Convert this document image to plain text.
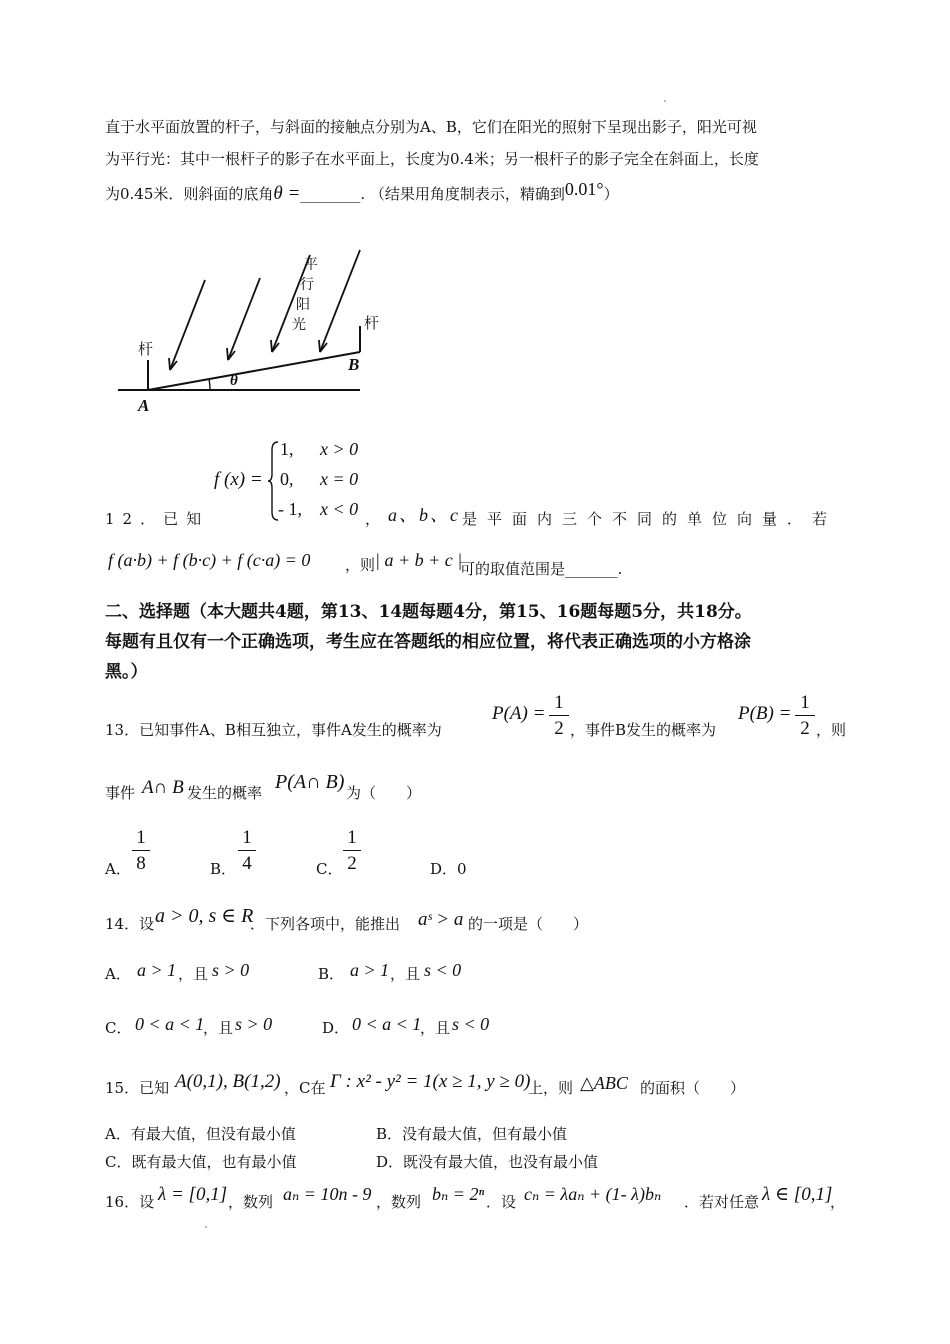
直于水平面放置的杆子，与斜面的接触点分别为A、B，它们在阳光的照射下呈现出影子，阳光可视
为平行光：其中一根杆子的影子在水平面上，长度为0.4米；另一根杆子的影子完全在斜面上，长度
为0.45米．则斜面的底角θ =________. （结果用角度制表示，精确到0.01°）
杆
杆
A
B
θ
平
行
阳
光
f (x) =
1, x > 0
0, x = 0
- 1, x < 0
12．已知	， a、b、c 是平面内三个不同的单位向量．若
f (a·b) + f (b·c) + f (c·a) = 0 ，则 | a + b + c |
可的取值范围是_______.
二、选择题（本大题共4题，第13、14题每题4分，第15、16题每题5分，共18分。
每题有且仅有一个正确选项，考生应在答题纸的相应位置，将代表正确选项的小方格涂
黑。）
13．已知事件A、B相互独立，事件A发生的概率为
P(A) =
1
2 ，事件B发生的概率为
P(B) =
1
2 ，则
事件 A∩ B 发生的概率 P(A∩ B) 为（　　）
A．
1
8	B．
1
4	C．
1
2	D．0
14．设 a > 0, s ∈ R
．下列各项中，能推出 aˢ > a 的一项是（　　）
A． a > 1 ，且 s > 0	B． a > 1 ，且 s < 0
C． 0 < a < 1
，且 s > 0	D． 0 < a < 1
，且 s < 0
15．已知 A(0,1), B(1,2) ，C在 Γ : x² - y² = 1(x ≥ 1, y ≥ 0)
上，则 △ABC 的面积（　　）
A．有最大值，但没有最小值	B．没有最大值，但有最小值
C．既有最大值，也有最小值	D．既没有最大值，也没有最小值
16．设 λ = [0,1] ，数列 aₙ = 10n - 9 ，数列 bₙ = 2ⁿ ．设 cₙ = λaₙ + (1- λ)bₙ ．若对任意 λ ∈ [0,1]
，
